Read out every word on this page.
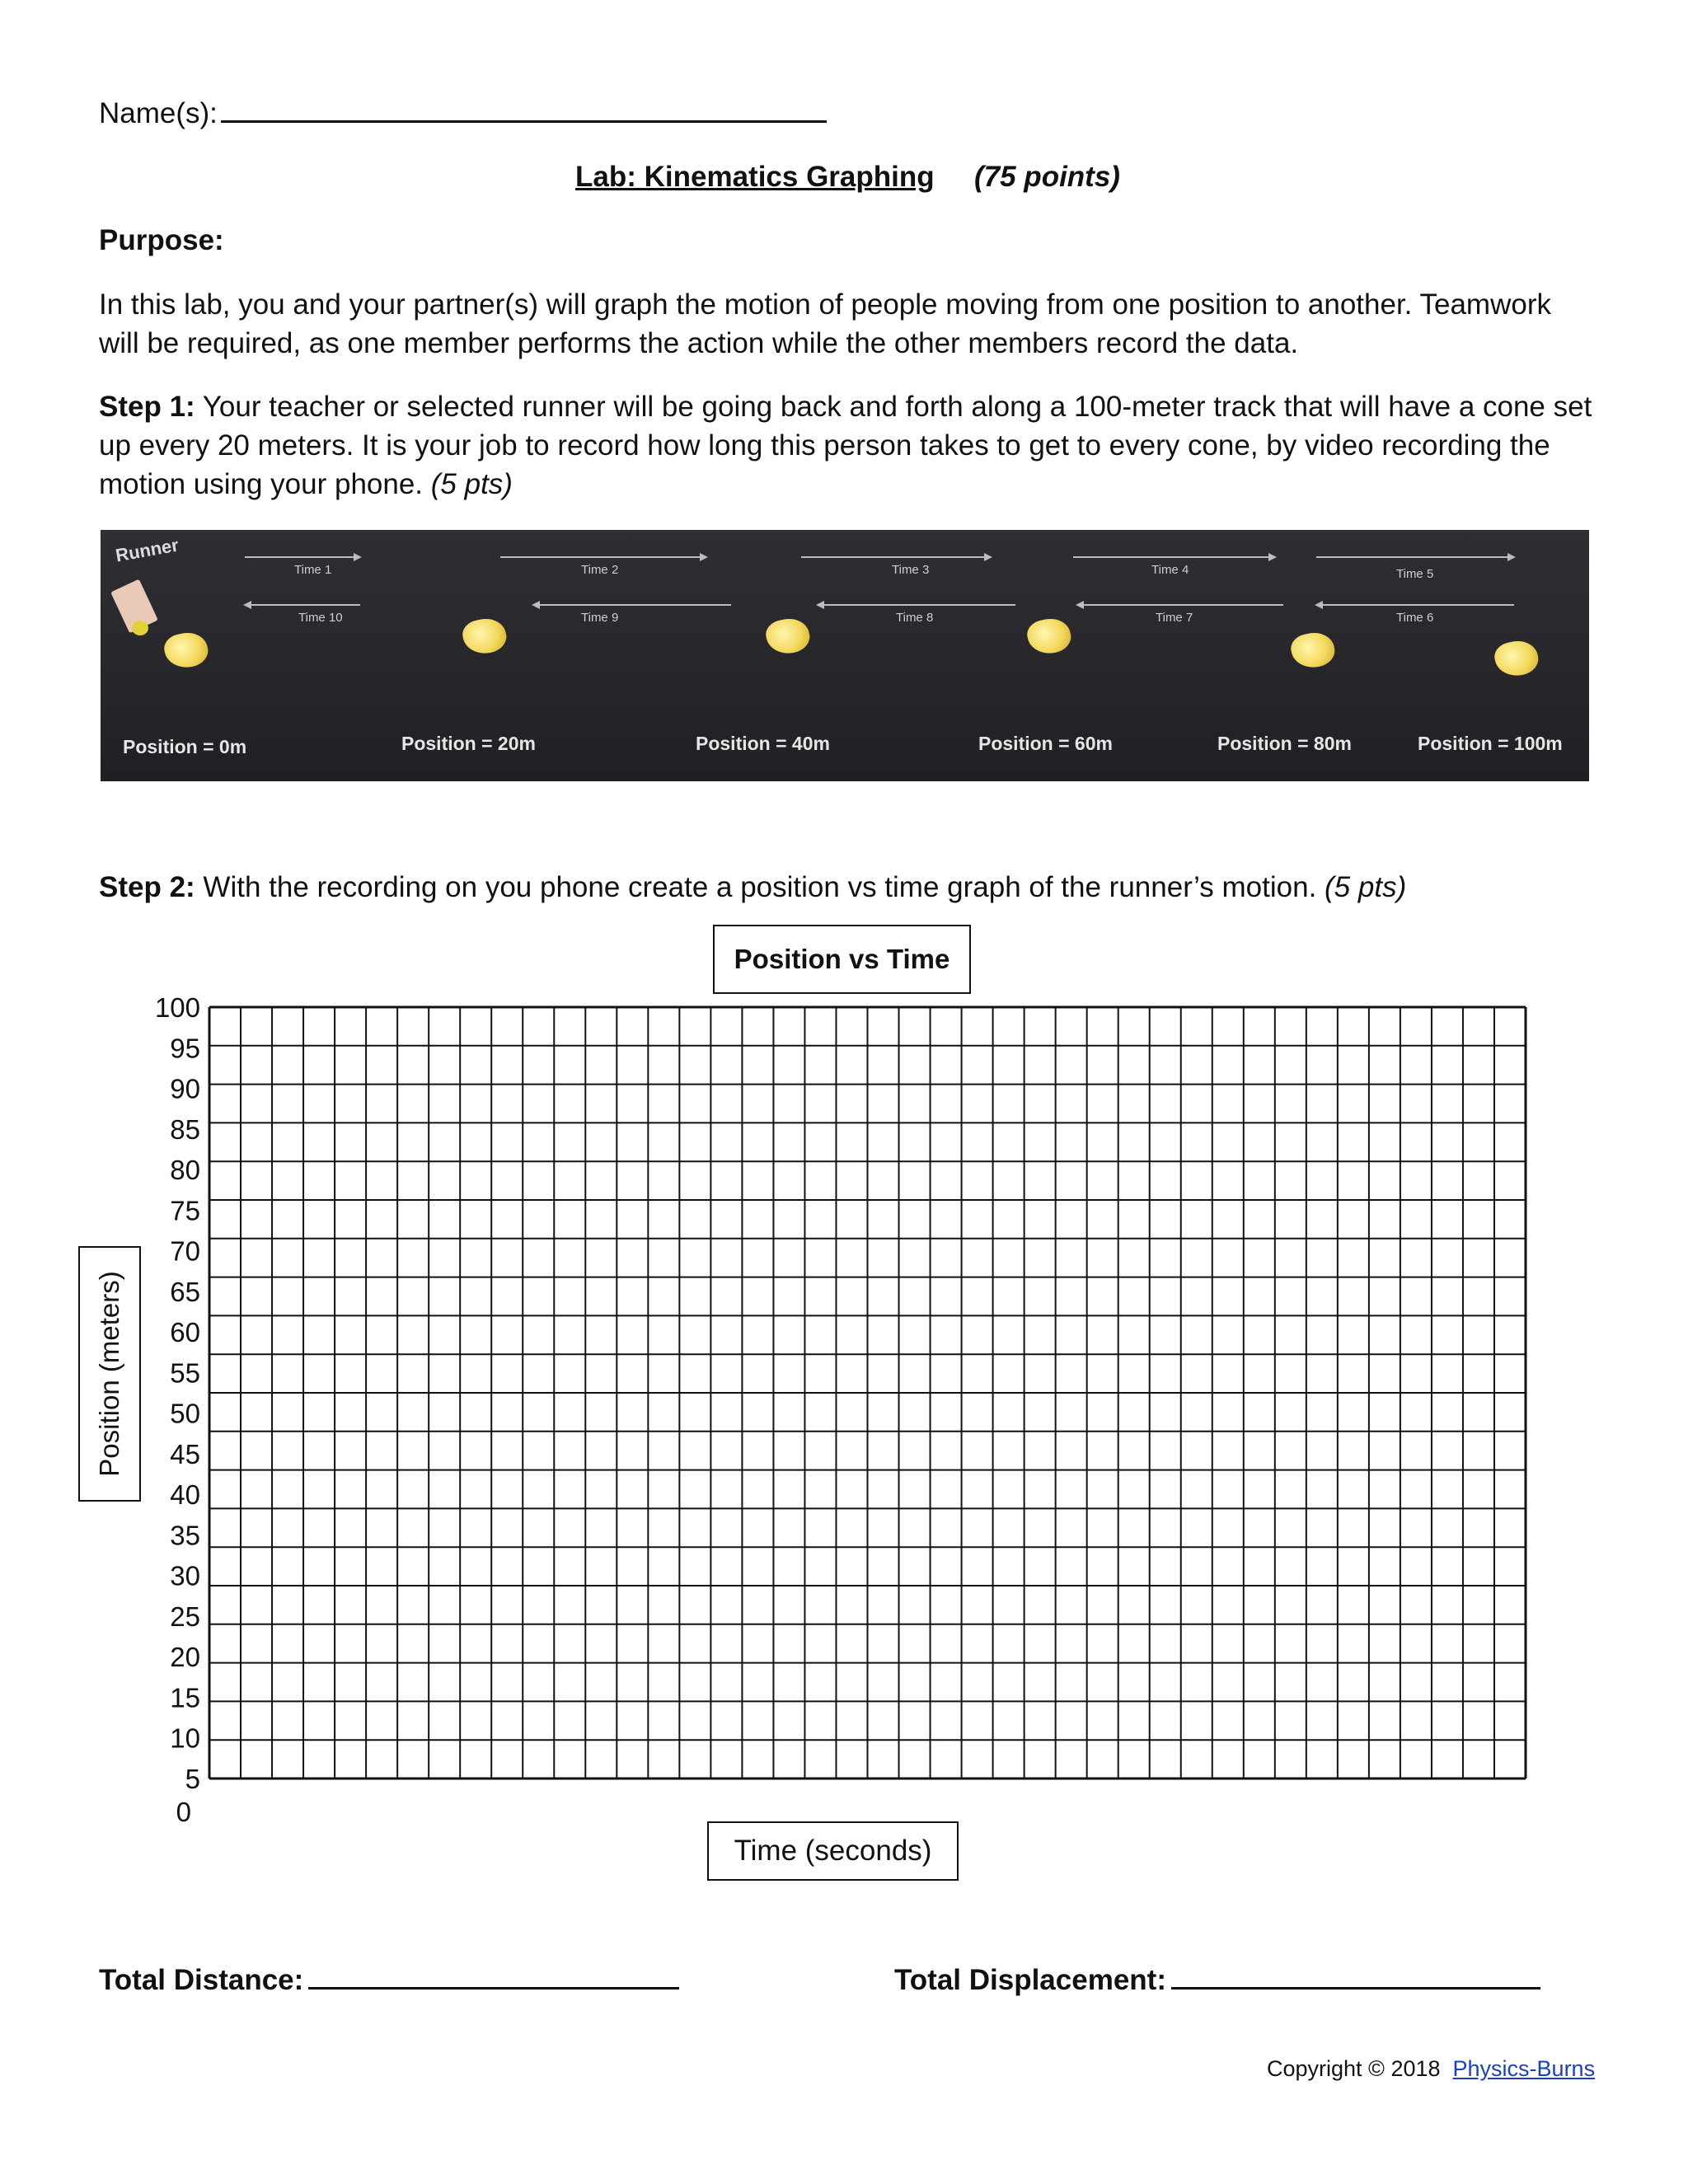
Name(s):
Lab: Kinematics Graphing (75 points)
Purpose:
In this lab, you and your partner(s) will graph the motion of people moving from one position to another. Teamwork will be required, as one member performs the action while the other members record the data.
Step 1: Your teacher or selected runner will be going back and forth along a 100-meter track that will have a cone set up every 20 meters. It is your job to record how long this person takes to get to every cone, by video recording the motion using your phone. (5 pts)
Runner
Time 1	Time 2	Time 3	Time 4	Time 5
Time 10	Time 9	Time 8	Time 7	Time 6
Position = 0m	Position = 20m	Position = 40m	Position = 60m	Position = 80m	Position = 100m
Step 2: With the recording on you phone create a position vs time graph of the runner’s motion. (5 pts)
Position vs Time
Position (meters)
100
95
90
85
80
75
70
65
60
55
50
45
40
35
30
25
20
15
10
5
0
Time (seconds)
Total Distance:	Total Displacement:
Copyright © 2018 Physics-Burns
